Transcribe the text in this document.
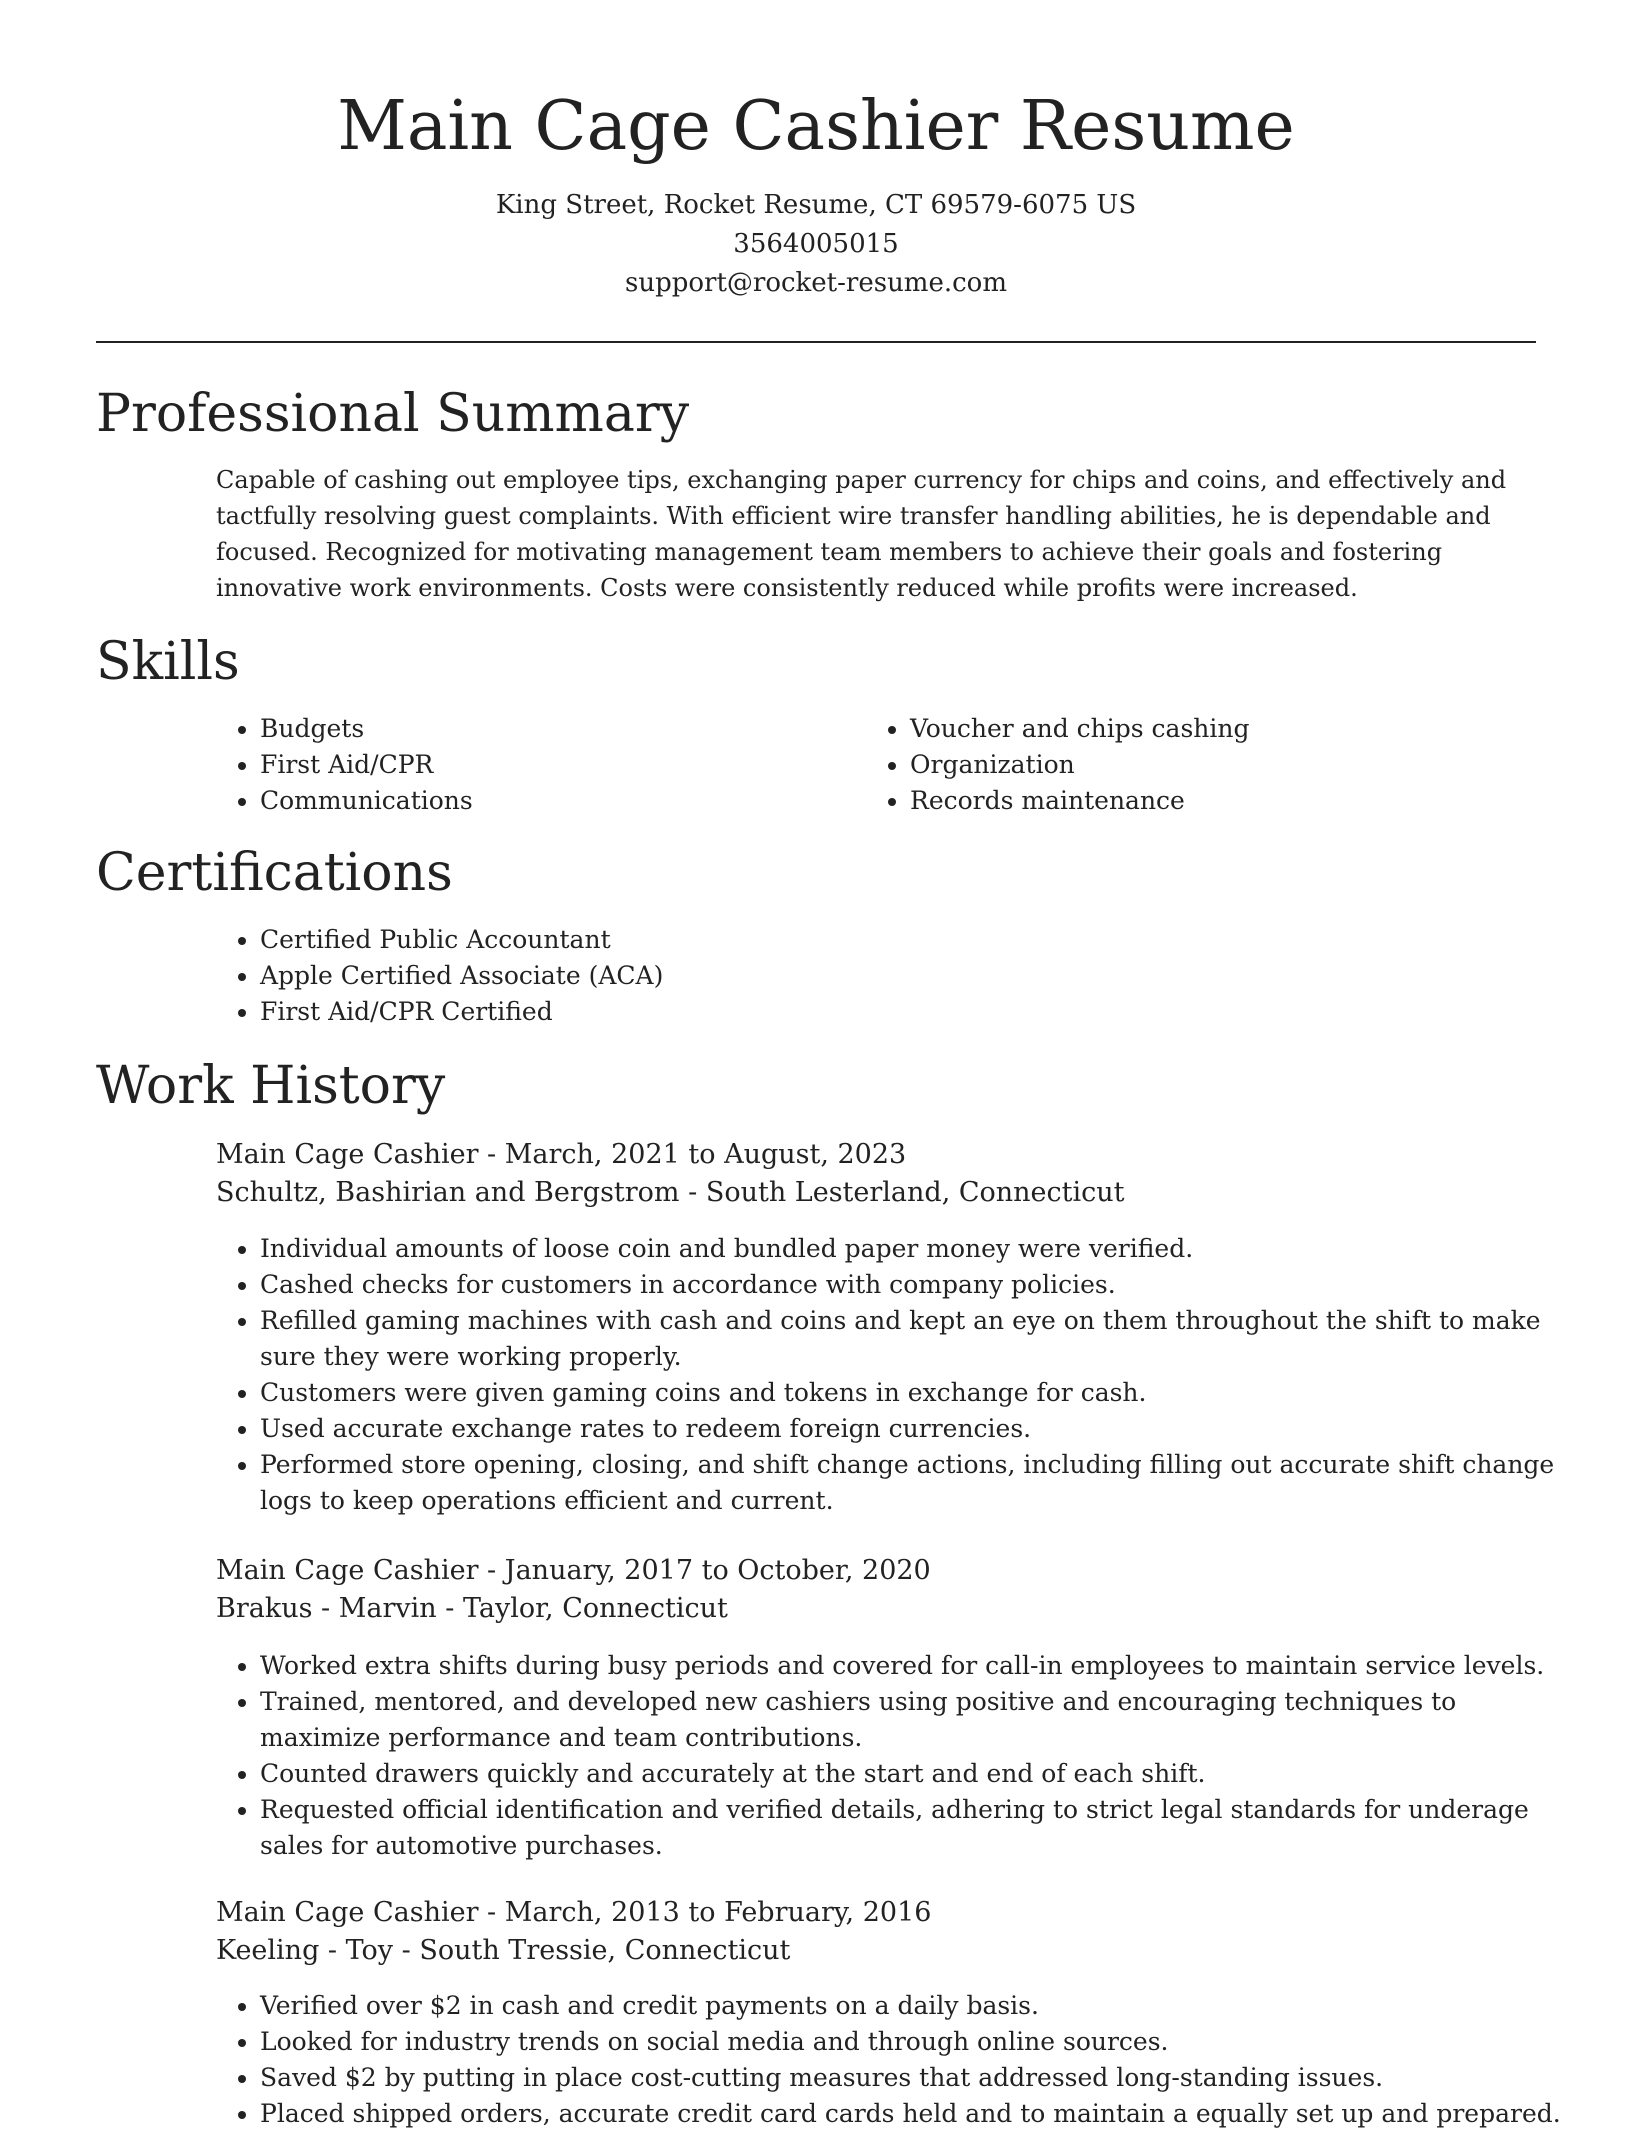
Main Cage Cashier Resume
King Street, Rocket Resume, CT 69579-6075 US
3564005015
support@rocket-resume.com
Professional Summary

Capable of cashing out employee tips, exchanging paper currency for chips and coins, and effectively and tactfully resolving guest complaints. With efficient wire transfer handling abilities, he is dependable and focused. Recognized for motivating management team members to achieve their goals and fostering innovative work environments. Costs were consistently reduced while profits were increased.

Skills
• Budgets
• First Aid/CPR
• Communications
• Voucher and chips cashing
• Organization
• Records maintenance
Certifications
• Certified Public Accountant
• Apple Certified Associate (ACA)
• First Aid/CPR Certified
Work History
Main Cage Cashier - March, 2021 to August, 2023
Schultz, Bashirian and Bergstrom - South Lesterland, Connecticut
• Individual amounts of loose coin and bundled paper money were verified.
• Cashed checks for customers in accordance with company policies.
• Refilled gaming machines with cash and coins and kept an eye on them throughout the shift to make sure they were working properly.
• Customers were given gaming coins and tokens in exchange for cash.
• Used accurate exchange rates to redeem foreign currencies.
• Performed store opening, closing, and shift change actions, including filling out accurate shift change logs to keep operations efficient and current.
Main Cage Cashier - January, 2017 to October, 2020
Brakus - Marvin - Taylor, Connecticut
• Worked extra shifts during busy periods and covered for call-in employees to maintain service levels.
• Trained, mentored, and developed new cashiers using positive and encouraging techniques to maximize performance and team contributions.
• Counted drawers quickly and accurately at the start and end of each shift.
• Requested official identification and verified details, adhering to strict legal standards for underage sales for automotive purchases.
Main Cage Cashier - March, 2013 to February, 2016
Keeling - Toy - South Tressie, Connecticut
• Verified over $2 in cash and credit payments on a daily basis.
• Looked for industry trends on social media and through online sources.
• Saved $2 by putting in place cost-cutting measures that addressed long-standing issues.
• Placed shipped orders, accurate credit card cards held and to maintain a equally set up and prepared.
